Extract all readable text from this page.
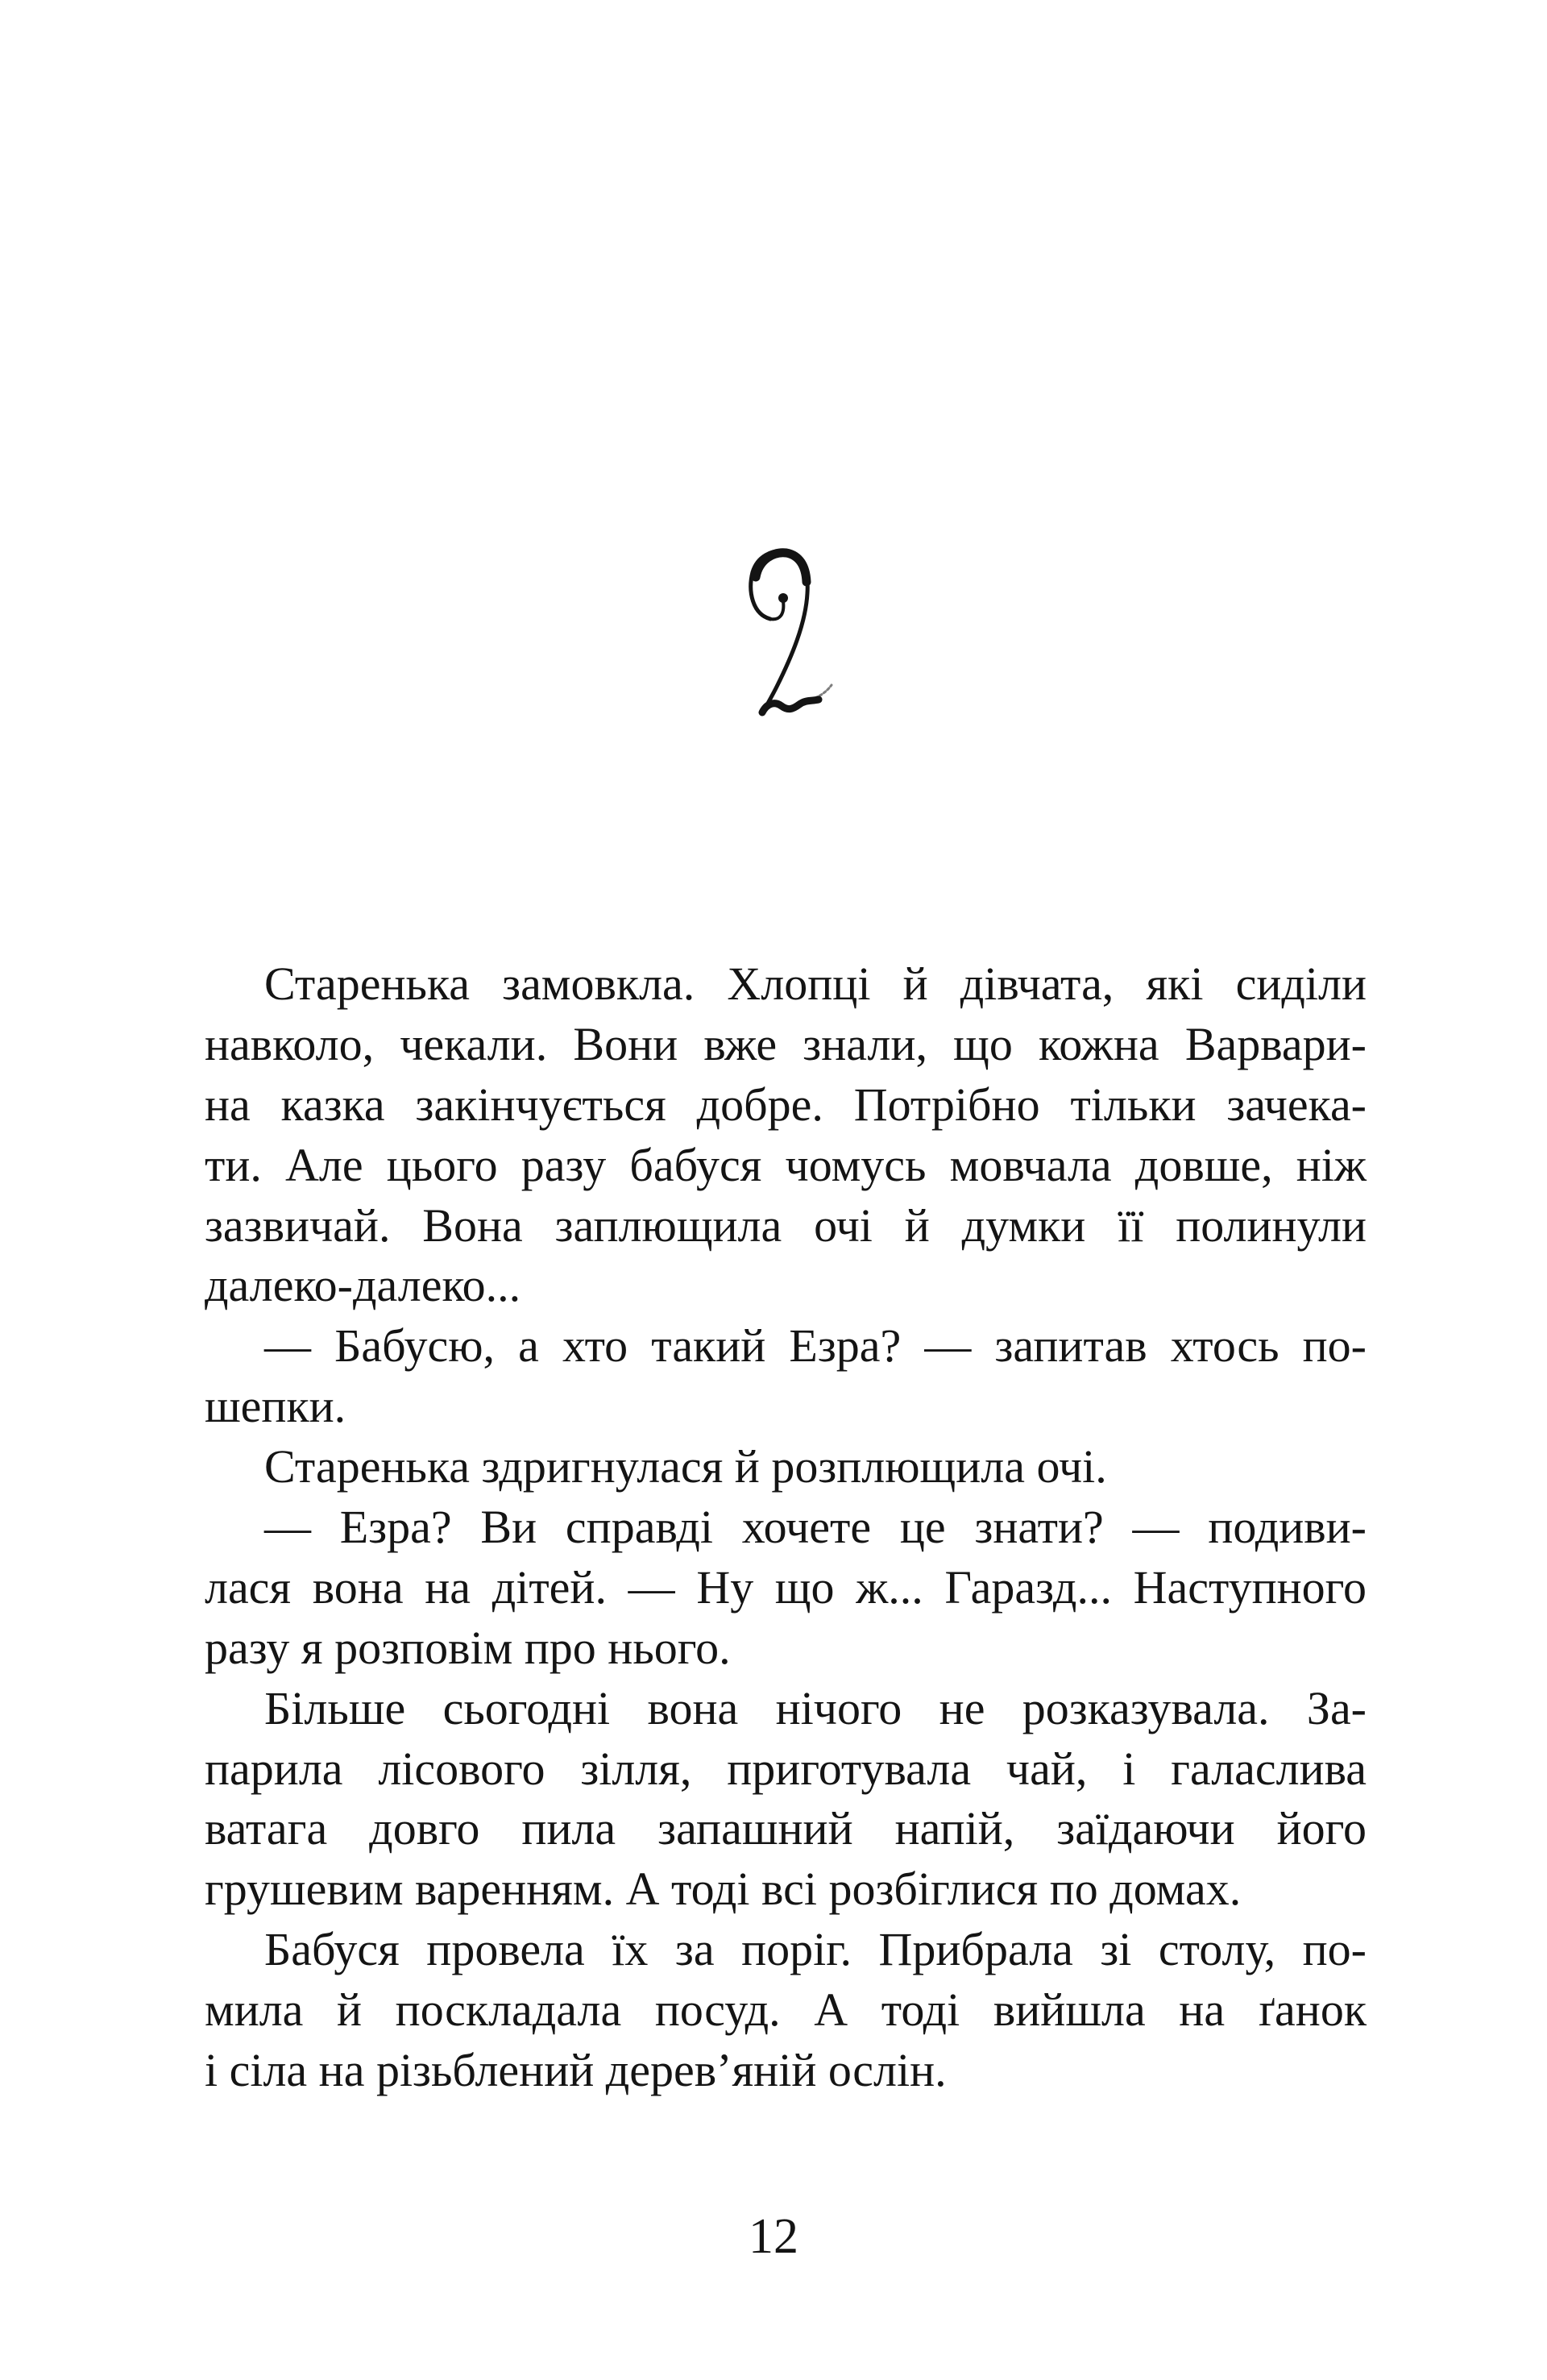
Старенька замовкла. Хлопці й дівчата, які сиділи
навколо, чекали. Вони вже знали, що кожна Варвари-
на казка закінчується добре. Потрібно тільки зачека-
ти. Але цього разу бабуся чомусь мовчала довше, ніж
зазвичай. Вона заплющила очі й думки її полинули
далеко-далеко...
— Бабусю, а хто такий Езра? — запитав хтось по-
шепки.
Старенька здригнулася й розплющила очі.
— Езра? Ви справді хочете це знати? — подиви-
лася вона на дітей. — Ну що ж... Гаразд... Наступного
разу я розповім про нього.
Більше сьогодні вона нічого не розказувала. За-
парила лісового зілля, приготувала чай, і галаслива
ватага довго пила запашний напій, заїдаючи його
грушевим варенням. А тоді всі розбіглися по домах.
Бабуся провела їх за поріг. Прибрала зі столу, по-
мила й поскладала посуд. А тоді вийшла на ґанок
і сіла на різьблений дерев’яній ослін.
12
